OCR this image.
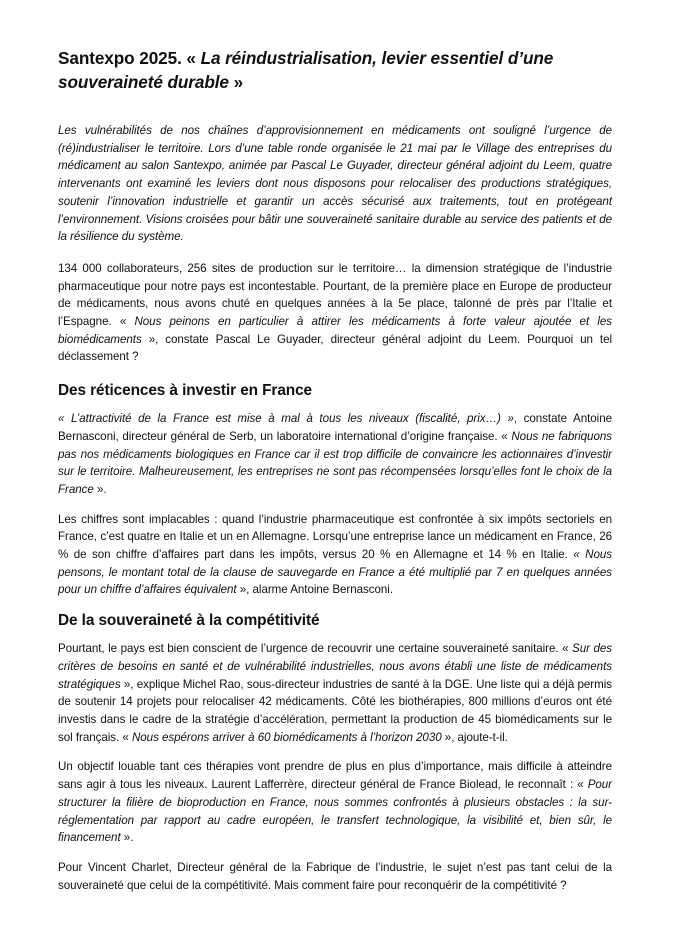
Santexpo 2025. « La réindustrialisation, levier essentiel d’une souveraineté durable »

Les vulnérabilités de nos chaînes d’approvisionnement en médicaments ont souligné l’urgence de (ré)industrialiser le territoire. Lors d’une table ronde organisée le 21 mai par le Village des entreprises du médicament au salon Santexpo, animée par Pascal Le Guyader, directeur général adjoint du Leem, quatre intervenants ont examiné les leviers dont nous disposons pour relocaliser des productions stratégiques, soutenir l’innovation industrielle et garantir un accès sécurisé aux traitements, tout en protégeant l’environnement. Visions croisées pour bâtir une souveraineté sanitaire durable au service des patients et de la résilience du système.

134 000 collaborateurs, 256 sites de production sur le territoire… la dimension stratégique de l’industrie pharmaceutique pour notre pays est incontestable. Pourtant, de la première place en Europe de producteur de médicaments, nous avons chuté en quelques années à la 5e place, talonné de près par l’Italie et l’Espagne. « Nous peinons en particulier à attirer les médicaments à forte valeur ajoutée et les biomédicaments », constate Pascal Le Guyader, directeur général adjoint du Leem. Pourquoi un tel déclassement ?

Des réticences à investir en France

« L’attractivité de la France est mise à mal à tous les niveaux (fiscalité, prix…) », constate Antoine Bernasconi, directeur général de Serb, un laboratoire international d’origine française. « Nous ne fabriquons pas nos médicaments biologiques en France car il est trop difficile de convaincre les actionnaires d’investir sur le territoire. Malheureusement, les entreprises ne sont pas récompensées lorsqu’elles font le choix de la France ».

Les chiffres sont implacables : quand l’industrie pharmaceutique est confrontée à six impôts sectoriels en France, c’est quatre en Italie et un en Allemagne. Lorsqu’une entreprise lance un médicament en France, 26 % de son chiffre d’affaires part dans les impôts, versus 20 % en Allemagne et 14 % en Italie. « Nous pensons, le montant total de la clause de sauvegarde en France a été multiplié par 7 en quelques années pour un chiffre d’affaires équivalent », alarme Antoine Bernasconi.

De la souveraineté à la compétitivité

Pourtant, le pays est bien conscient de l’urgence de recouvrir une certaine souveraineté sanitaire. « Sur des critères de besoins en santé et de vulnérabilité industrielles, nous avons établi une liste de médicaments stratégiques », explique Michel Rao, sous-directeur industries de santé à la DGE. Une liste qui a déjà permis de soutenir 14 projets pour relocaliser 42 médicaments. Côté les biothérapies, 800 millions d’euros ont été investis dans le cadre de la stratégie d’accélération, permettant la production de 45 biomédicaments sur le sol français. « Nous espérons arriver à 60 biomédicaments à l’horizon 2030 », ajoute-t-il.

Un objectif louable tant ces thérapies vont prendre de plus en plus d’importance, mais difficile à atteindre sans agir à tous les niveaux. Laurent Lafferrère, directeur général de France Biolead, le reconnaît : « Pour structurer la filière de bioproduction en France, nous sommes confrontés à plusieurs obstacles : la sur-réglementation par rapport au cadre européen, le transfert technologique, la visibilité et, bien sûr, le financement ».

Pour Vincent Charlet, Directeur général de la Fabrique de l’industrie, le sujet n’est pas tant celui de la souveraineté que celui de la compétitivité. Mais comment faire pour reconquérir de la compétitivité ?
